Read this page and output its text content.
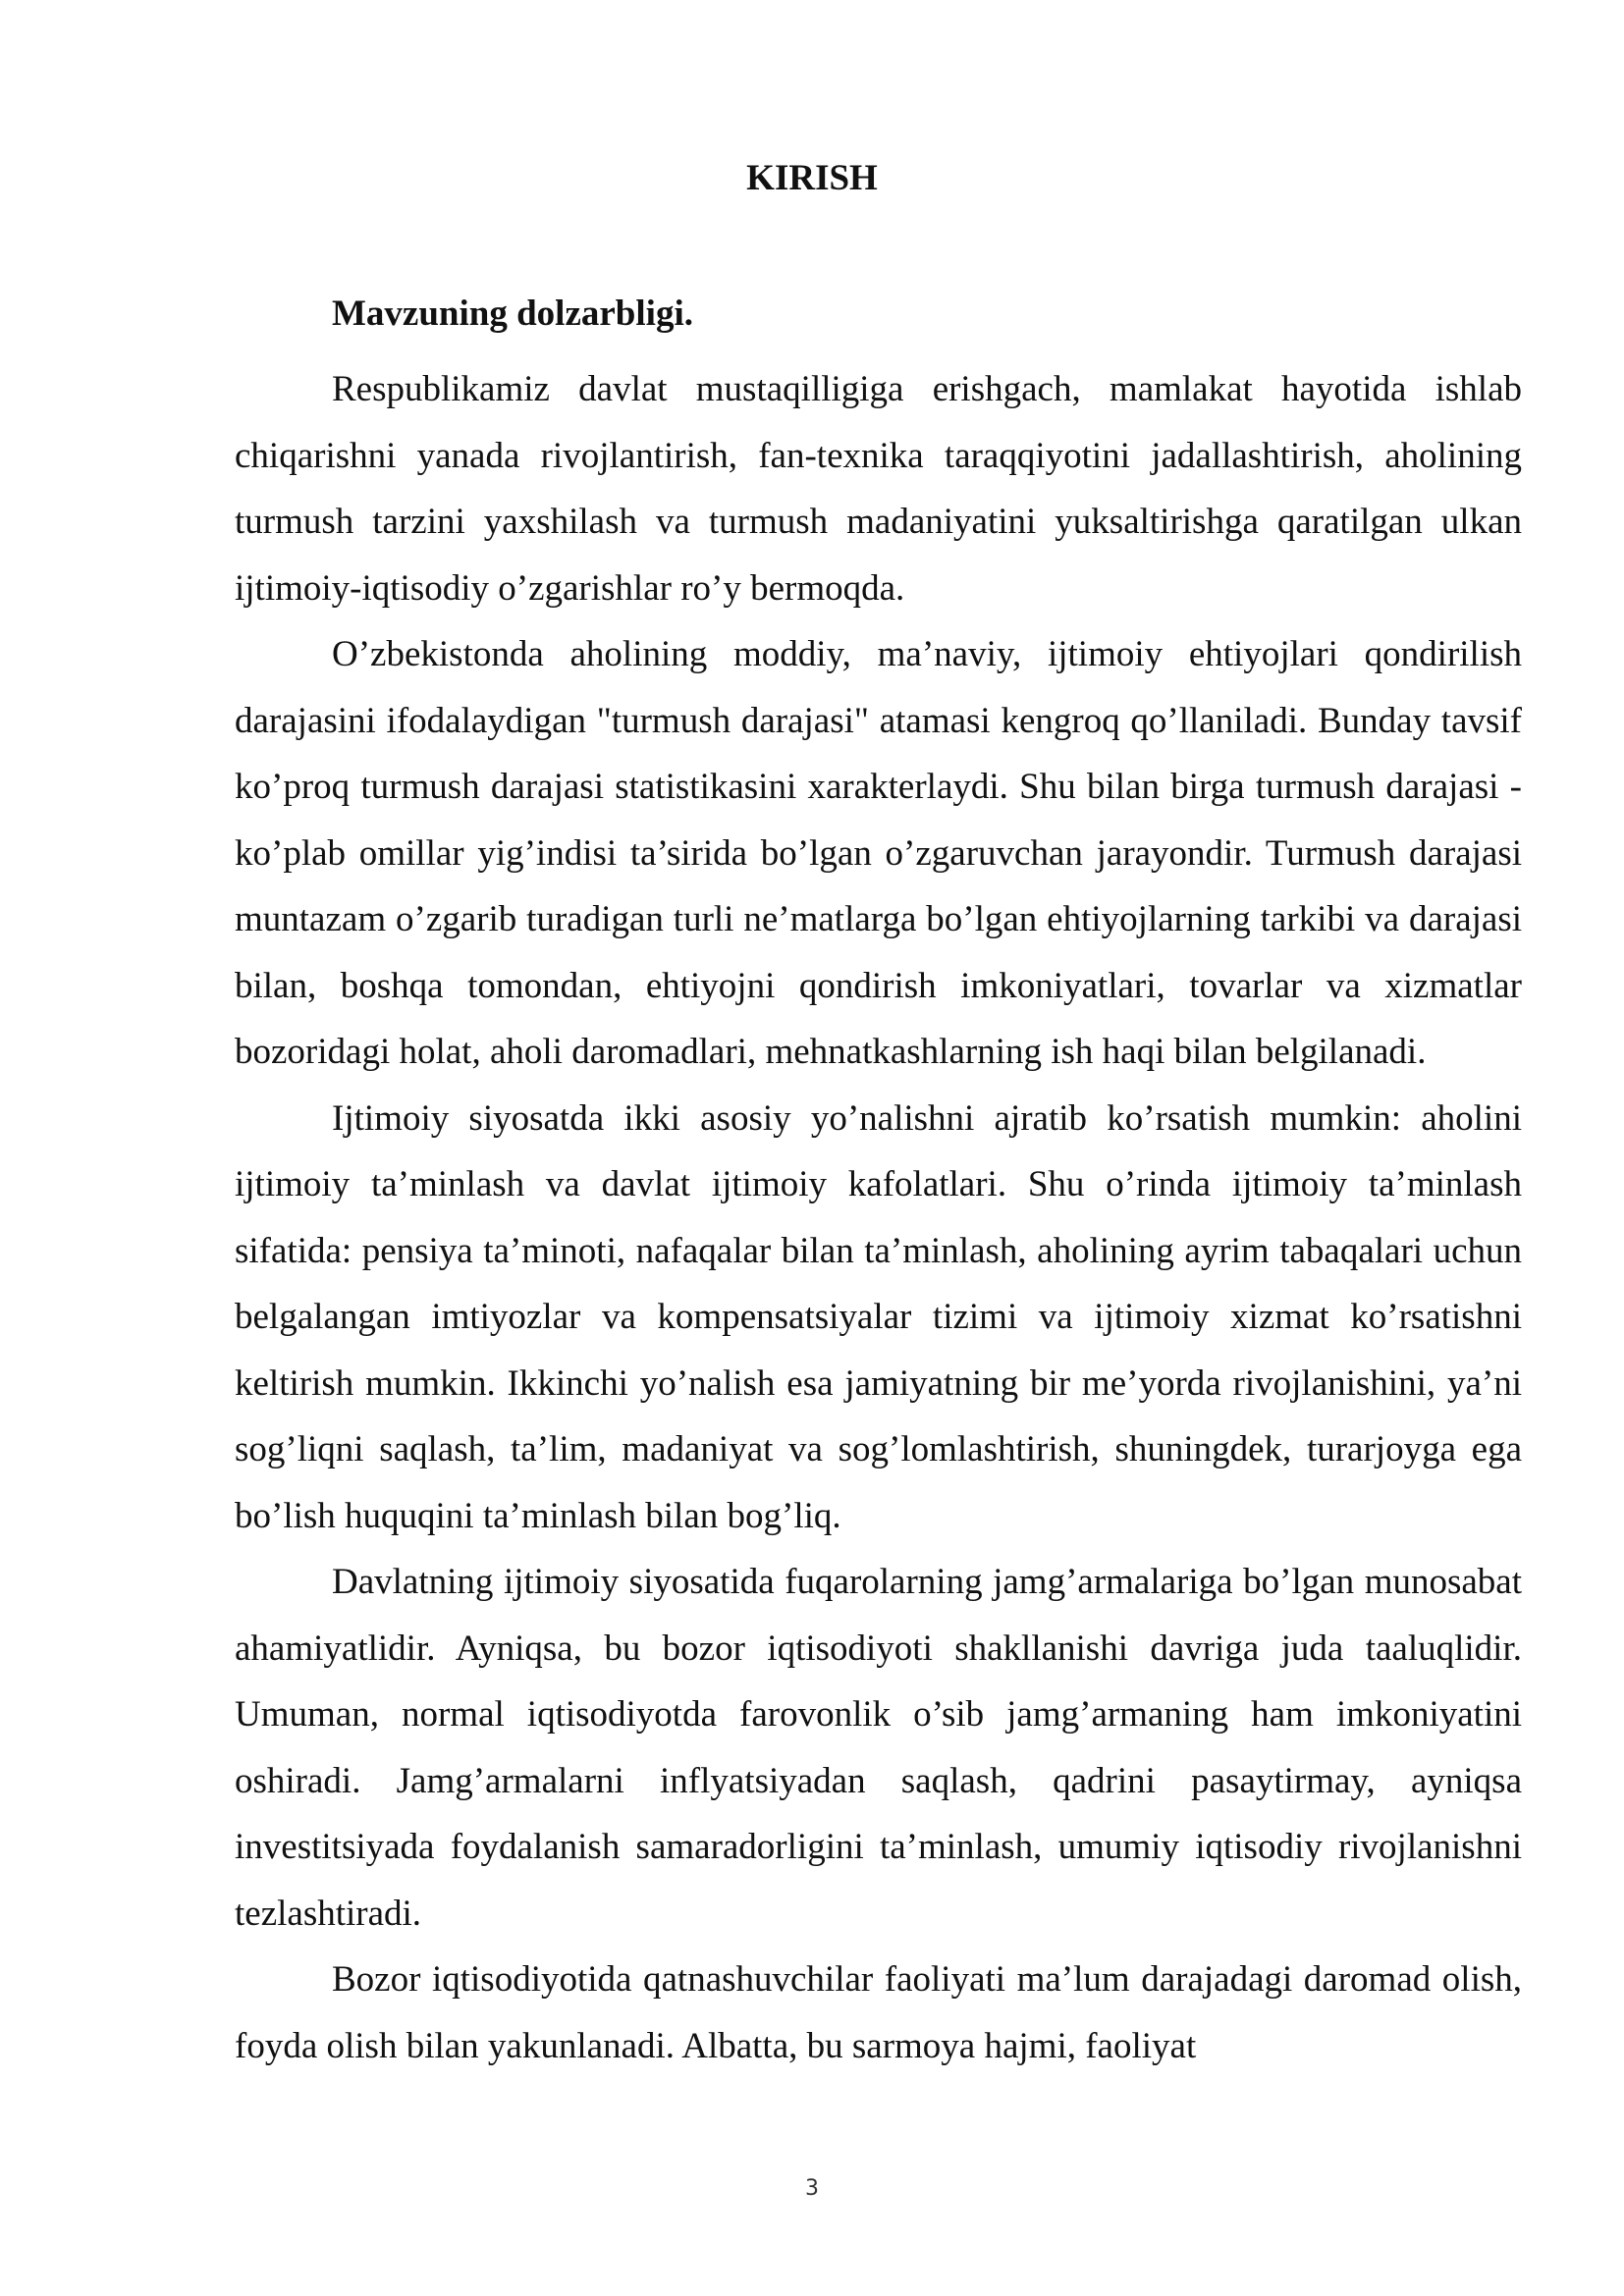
KIRISH

Mavzuning dolzarbligi.

Respublikamiz davlat mustaqilligiga erishgach, mamlakat hayotida ishlab chiqarishni yanada rivojlantirish, fan-texnika taraqqiyotini jadallashtirish, aholining turmush tarzini yaxshilash va turmush madaniyatini yuksaltirishga qaratilgan ulkan ijtimoiy-iqtisodiy o’zgarishlar ro’y bermoqda.

O’zbekistonda aholining moddiy, ma’naviy, ijtimoiy ehtiyojlari qondirilish darajasini ifodalaydigan "turmush darajasi" atamasi kengroq qo’llaniladi. Bunday tavsif ko’proq turmush darajasi statistikasini xarakterlaydi. Shu bilan birga turmush darajasi - ko’plab omillar yig’indisi ta’sirida bo’lgan o’zgaruvchan jarayondir. Turmush darajasi muntazam o’zgarib turadigan turli ne’matlarga bo’lgan ehtiyojlarning tarkibi va darajasi bilan, boshqa tomondan, ehtiyojni qondirish imkoniyatlari, tovarlar va xizmatlar bozoridagi holat, aholi daromadlari, mehnatkashlarning ish haqi bilan belgilanadi.

Ijtimoiy siyosatda ikki asosiy yo’nalishni ajratib ko’rsatish mumkin: aholini ijtimoiy ta’minlash va davlat ijtimoiy kafolatlari. Shu o’rinda ijtimoiy ta’minlash sifatida: pensiya ta’minoti, nafaqalar bilan ta’minlash, aholining ayrim tabaqalari uchun belgalangan imtiyozlar va kompensatsiyalar tizimi va ijtimoiy xizmat ko’rsatishni keltirish mumkin. Ikkinchi yo’nalish esa jamiyatning bir me’yorda rivojlanishini, ya’ni sog’liqni saqlash, ta’lim, madaniyat va sog’lomlashtirish, shuningdek, turarjoyga ega bo’lish huquqini ta’minlash bilan bog’liq.

Davlatning ijtimoiy siyosatida fuqarolarning jamg’armalariga bo’lgan munosabat ahamiyatlidir. Ayniqsa, bu bozor iqtisodiyoti shakllanishi davriga juda taaluqlidir. Umuman, normal iqtisodiyotda farovonlik o’sib jamg’armaning ham imkoniyatini oshiradi. Jamg’armalarni inflyatsiyadan saqlash, qadrini pasaytirmay, ayniqsa investitsiyada foydalanish samaradorligini ta’minlash, umumiy iqtisodiy rivojlanishni tezlashtiradi.

Bozor iqtisodiyotida qatnashuvchilar faoliyati ma’lum darajadagi daromad olish, foyda olish bilan yakunlanadi. Albatta, bu sarmoya hajmi, faoliyat

3
